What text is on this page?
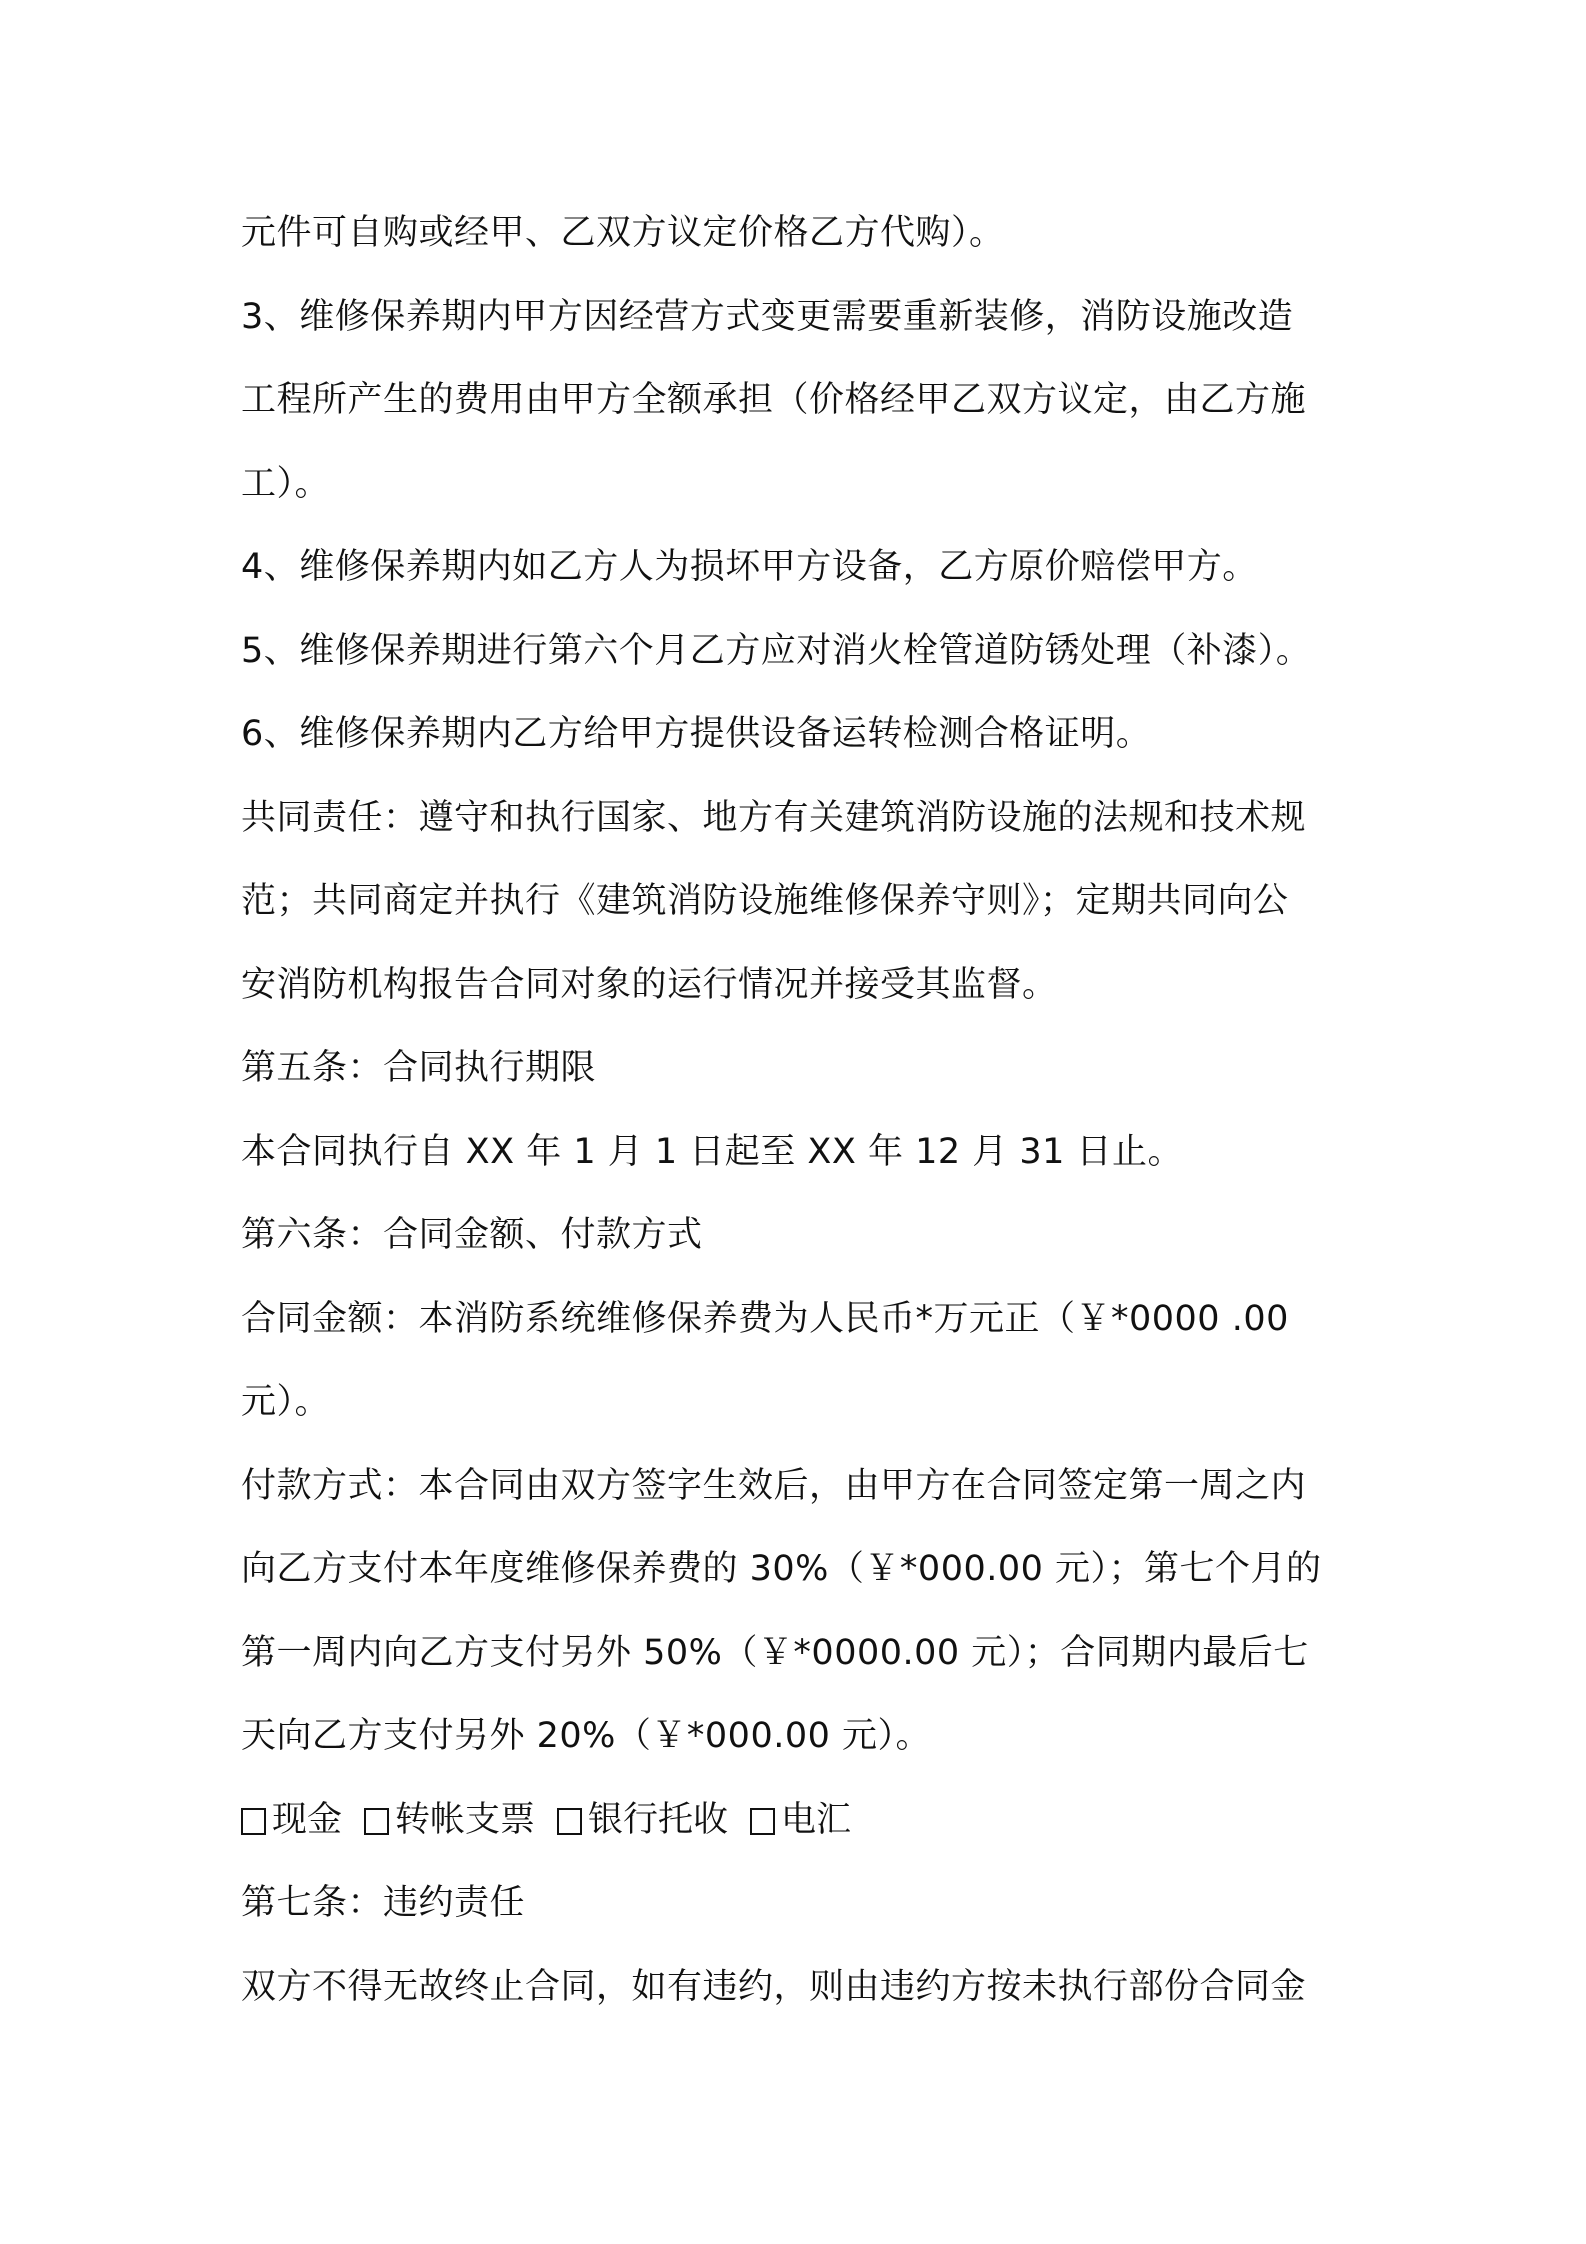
元件可自购或经甲、乙双方议定价格乙方代购）。
3、维修保养期内甲方因经营方式变更需要重新装修，消防设施改造
工程所产生的费用由甲方全额承担（价格经甲乙双方议定，由乙方施
工）。
4、维修保养期内如乙方人为损坏甲方设备，乙方原价赔偿甲方。
5、维修保养期进行第六个月乙方应对消火栓管道防锈处理（补漆）。
6、维修保养期内乙方给甲方提供设备运转检测合格证明。
共同责任：遵守和执行国家、地方有关建筑消防设施的法规和技术规
范；共同商定并执行《建筑消防设施维修保养守则》；定期共同向公
安消防机构报告合同对象的运行情况并接受其监督。
第五条：合同执行期限
本合同执行自 XX 年 1 月 1 日起至 XX 年 12 月 31 日止。
第六条：合同金额、付款方式
合同金额：本消防系统维修保养费为人民币*万元正（￥*0000 .00
元）。
付款方式：本合同由双方签字生效后，由甲方在合同签定第一周之内
向乙方支付本年度维修保养费的 30%（￥*000.00 元）；第七个月的
第一周内向乙方支付另外 50%（￥*0000.00 元）；合同期内最后七
天向乙方支付另外 20%（￥*000.00 元）。
现金 转帐支票 银行托收 电汇
第七条：违约责任
双方不得无故终止合同，如有违约，则由违约方按未执行部份合同金
